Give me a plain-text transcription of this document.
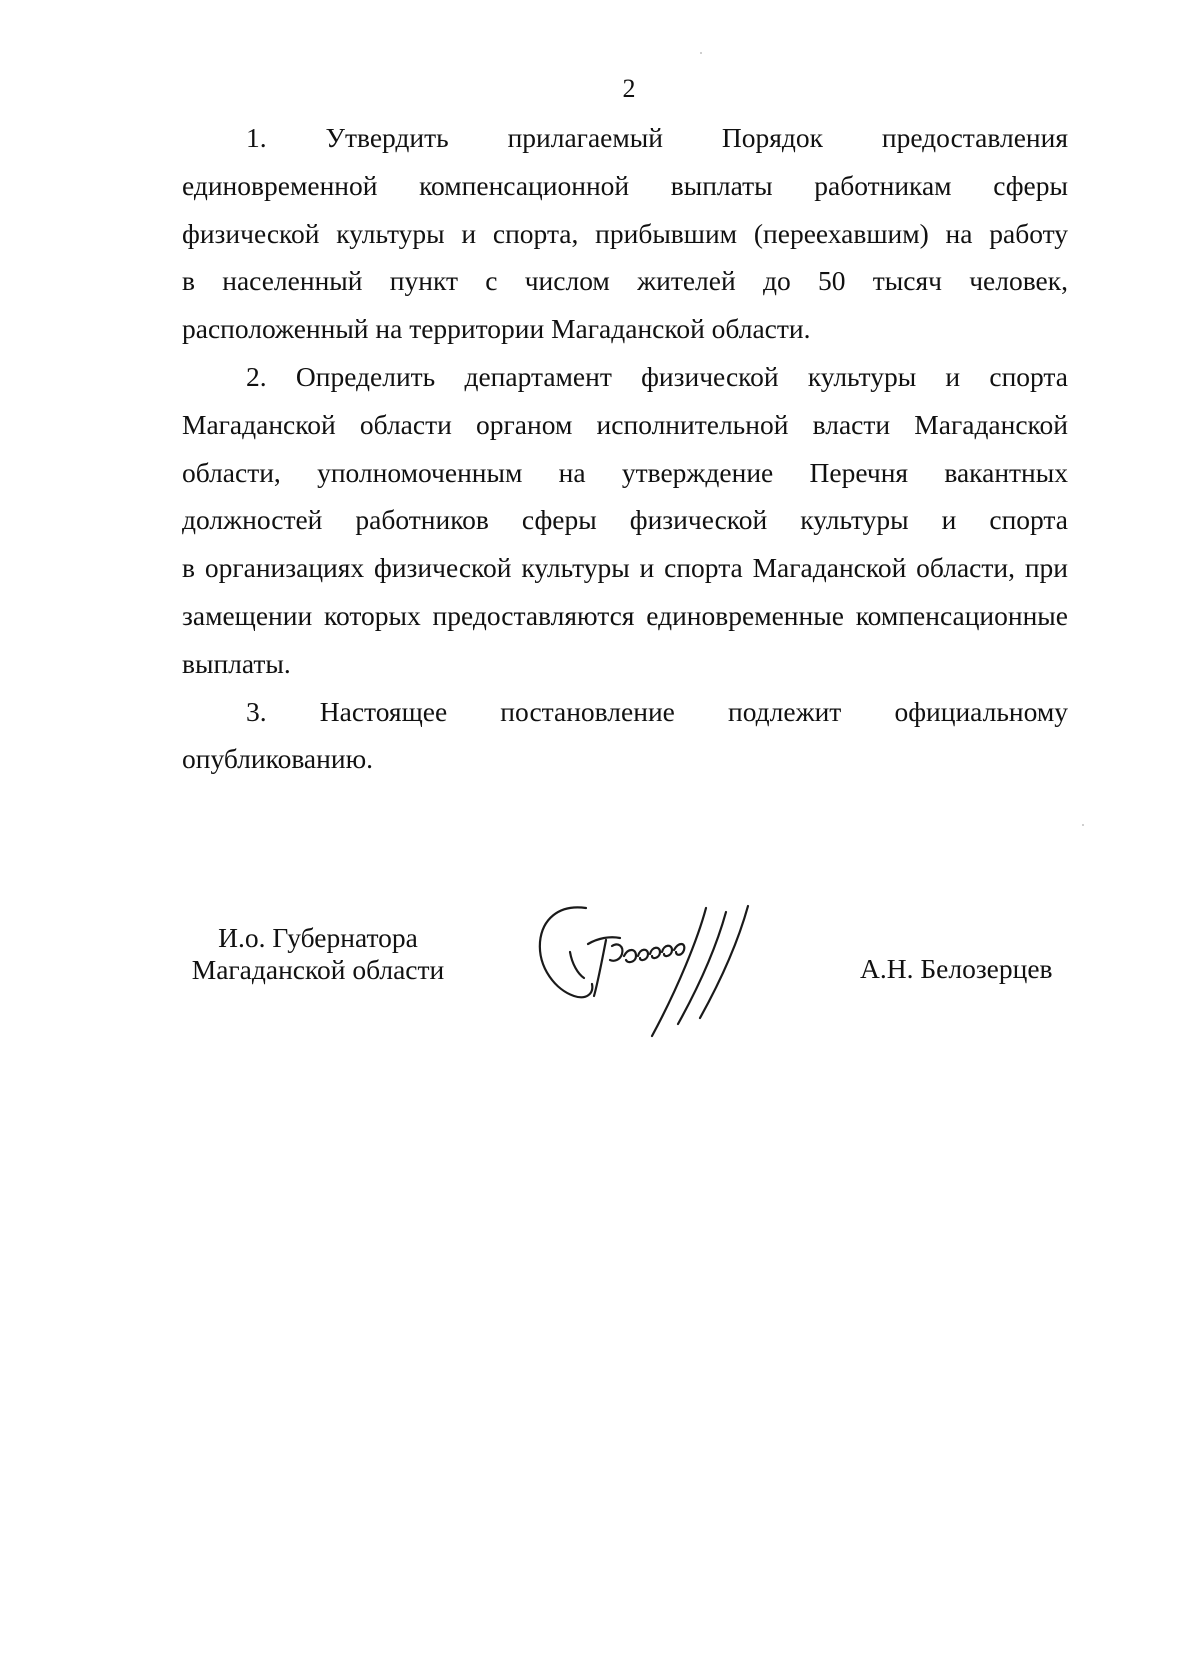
2
1. Утвердить прилагаемый Порядок предоставления
единовременной компенсационной выплаты работникам сферы
физической культуры и спорта, прибывшим (переехавшим) на работу
в населенный пункт с числом жителей до 50 тысяч человек,
расположенный на территории Магаданской области.
2. Определить департамент физической культуры и спорта
Магаданской области органом исполнительной власти Магаданской
области, уполномоченным на утверждение Перечня вакантных
должностей работников сферы физической культуры и спорта
в организациях физической культуры и спорта Магаданской области, при
замещении которых предоставляются единовременные компенсационные
выплаты.
3. Настоящее постановление подлежит официальному
опубликованию.
И.о. Губернатора
Магаданской области	А.Н. Белозерцев
